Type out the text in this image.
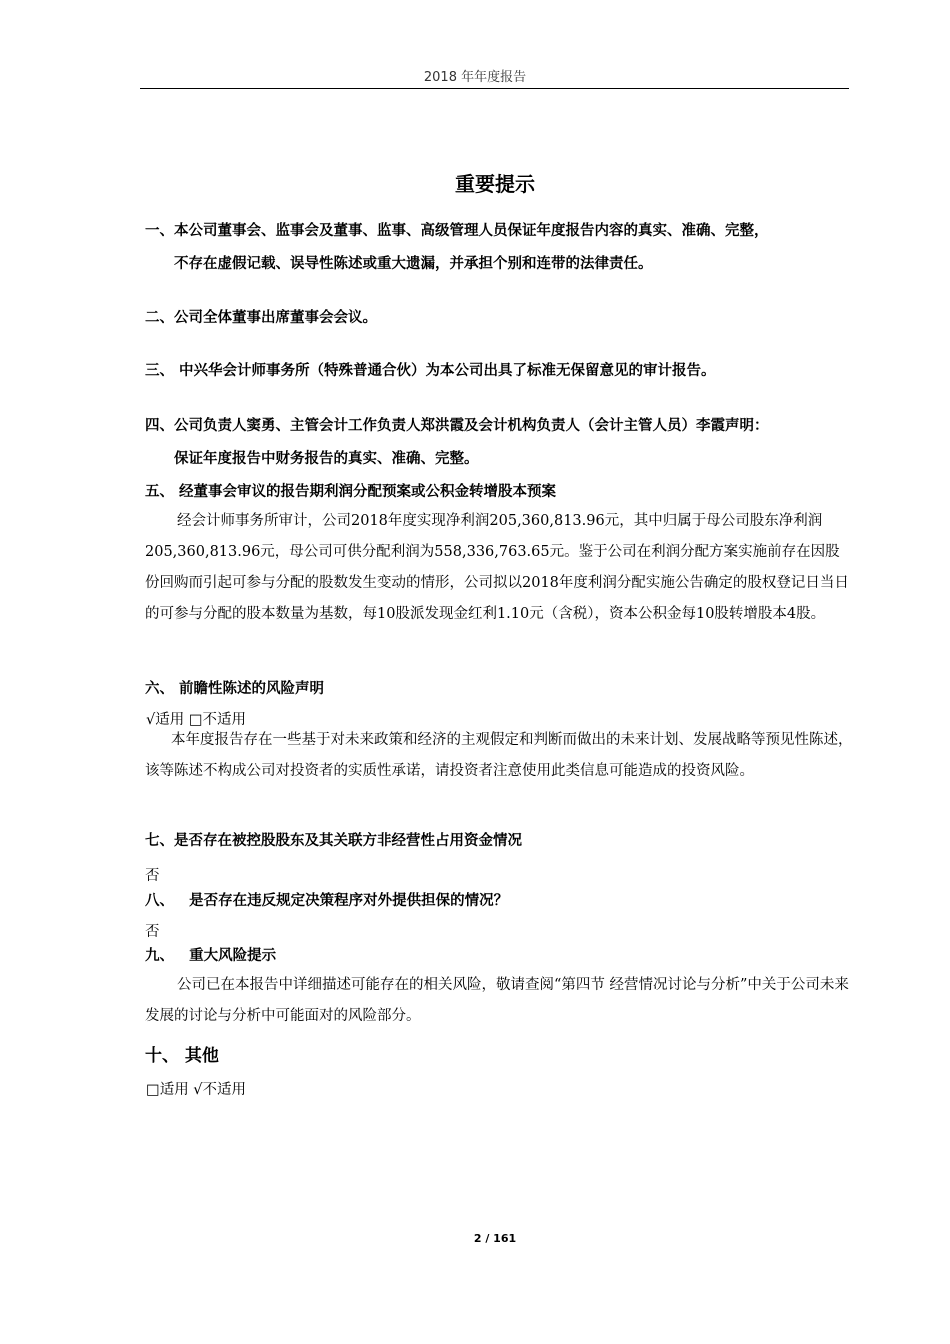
2018 年年度报告
重要提示
一、本公司董事会、监事会及董事、监事、高级管理人员保证年度报告内容的真实、准确、完整，
不存在虚假记载、误导性陈述或重大遗漏，并承担个别和连带的法律责任。
二、公司全体董事出席董事会会议。
三、 中兴华会计师事务所（特殊普通合伙）为本公司出具了标准无保留意见的审计报告。
四、公司负责人窦勇、主管会计工作负责人郑洪霞及会计机构负责人（会计主管人员）李霞声明：
保证年度报告中财务报告的真实、准确、完整。
五、 经董事会审议的报告期利润分配预案或公积金转增股本预案
经会计师事务所审计，公司2018年度实现净利润205,360,813.96元，其中归属于母公司股东净利润205,360,813.96元，母公司可供分配利润为558,336,763.65元。鉴于公司在利润分配方案实施前存在因股份回购而引起可参与分配的股数发生变动的情形，公司拟以2018年度利润分配实施公告确定的股权登记日当日的可参与分配的股本数量为基数，每10股派发现金红利1.10元（含税），资本公积金每10股转增股本4股。
六、 前瞻性陈述的风险声明
√适用 □不适用
本年度报告存在一些基于对未来政策和经济的主观假定和判断而做出的未来计划、发展战略等预见性陈述，该等陈述不构成公司对投资者的实质性承诺，请投资者注意使用此类信息可能造成的投资风险。
七、是否存在被控股股东及其关联方非经营性占用资金情况
否
八、   是否存在违反规定决策程序对外提供担保的情况？
否
九、   重大风险提示
公司已在本报告中详细描述可能存在的相关风险，敬请查阅“第四节 经营情况讨论与分析”中关于公司未来发展的讨论与分析中可能面对的风险部分。
十、 其他
□适用 √不适用
2 / 161
